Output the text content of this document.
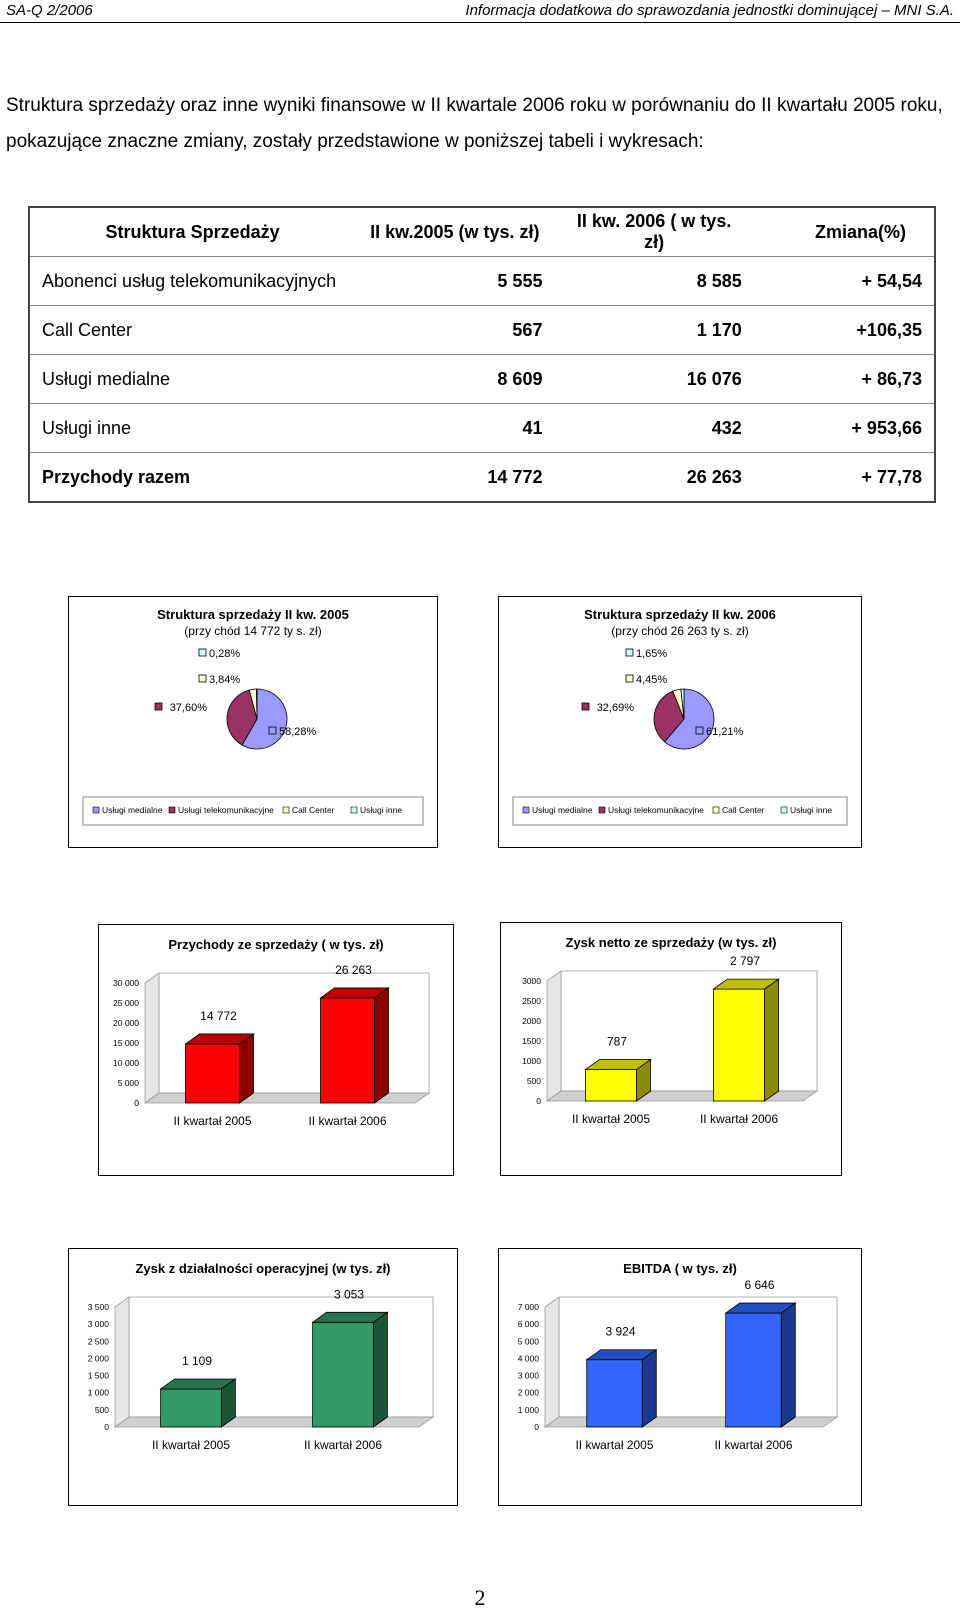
SA-Q 2/2006	Informacja dodatkowa do sprawozdania jednostki dominującej – MNI S.A.
Struktura sprzedaży oraz inne wyniki finansowe w II kwartale 2006 roku w porównaniu do II kwartału 2005 roku, pokazujące znaczne zmiany, zostały przedstawione w poniższej tabeli i wykresach:
Struktura Sprzedaży	II kw.2005 (w tys. zł)	II kw. 2006 ( w tys. zł)	Zmiana(%)
Abonenci usług telekomunikacyjnych	5 555	8 585	+ 54,54
Call Center	567	1 170	+106,35
Usługi medialne	8 609	16 076	+ 86,73
Usługi inne	41	432	+ 953,66
Przychody razem	14 772	26 263	+ 77,78
Struktura sprzedaży II kw. 2005
(przy chód 14 772 ty s. zł)
58,28%
37,60%
3,84%
0,28%
Usługi medialne Usługi telekomunikacyjne Call Center	Usługi inne
Struktura sprzedaży II kw. 2006
(przy chód 26 263 ty s. zł)
61,21%
32,69%
4,45%
1,65%
Usługi medialne Usługi telekomunikacyjne Call Center	Usługi inne
Przychody ze sprzedaży ( w tys. zł)
0
5 000
10 000
15 000
20 000
25 000
30 000
14 772
II kwartał 2005
26 263
II kwartał 2006
Zysk netto ze sprzedaży (w tys. zł)
0
500
1000
1500
2000
2500
3000
787
II kwartał 2005
2 797
II kwartał 2006
Zysk z działalności operacyjnej (w tys. zł)
0
500
1 000
1 500
2 000
2 500
3 000
3 500
1 109
II kwartał 2005
3 053
II kwartał 2006
EBITDA ( w tys. zł)
0
1 000
2 000
3 000
4 000
5 000
6 000
7 000
3 924
II kwartał 2005
6 646
II kwartał 2006
2
